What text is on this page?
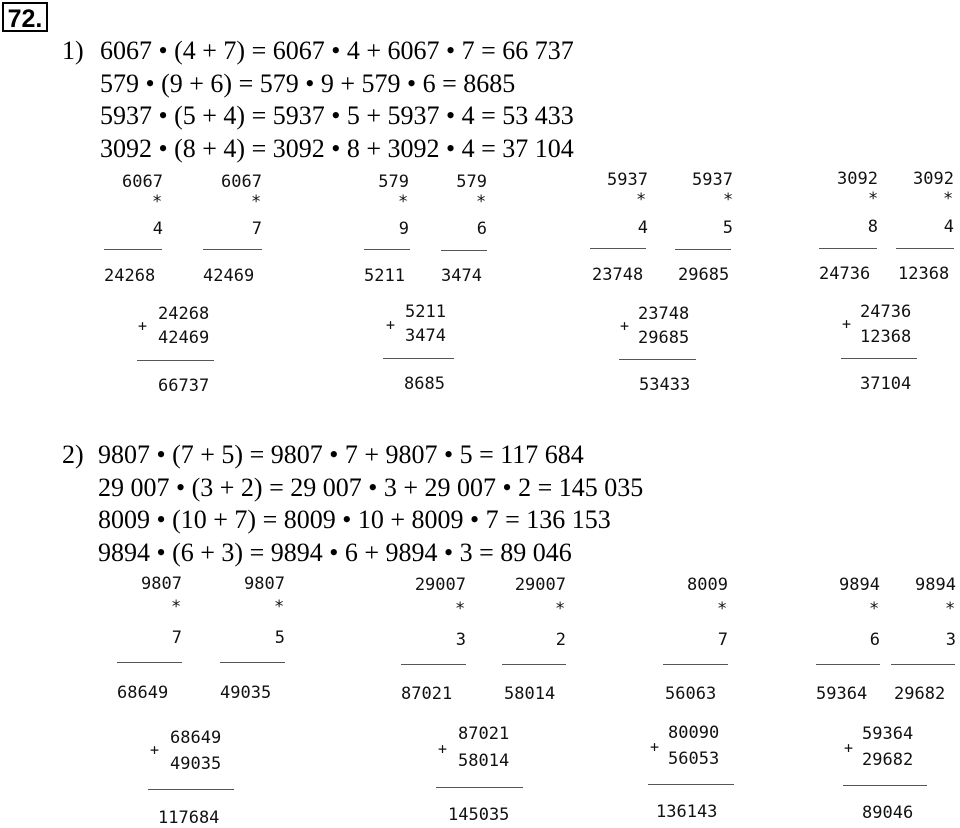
72.
1) 6067 • (4 + 7) = 6067 • 4 + 6067 • 7 = 66 737
579 • (9 + 6) = 579 • 9 + 579 • 6 = 8685
5937 • (5 + 4) = 5937 • 5 + 5937 • 4 = 53 433
3092 • (8 + 4) = 3092 • 8 + 3092 • 4 = 37 104
6067
*
4
24268
6067
*
7
42469
579
*
9
5211
579
*
6
3474
5937
*
4
23748
5937
*
5
29685
3092
*
8
24736
3092
*
4
12368
+
24268
42469
66737
+
5211
3474
8685
+
23748
29685
53433
+
24736
12368
37104
2) 9807 • (7 + 5) = 9807 • 7 + 9807 • 5 = 117 684
29 007 • (3 + 2) = 29 007 • 3 + 29 007 • 2 = 145 035
8009 • (10 + 7) = 8009 • 10 + 8009 • 7 = 136 153
9894 • (6 + 3) = 9894 • 6 + 9894 • 3 = 89 046
9807
*
7
68649
9807
*
5
49035
29007
*
3
87021
29007
*
2
58014
8009
*
7
56063
9894
*
6
59364
9894
*
3
29682
+
68649
49035
117684
+
87021
58014
145035
+
80090
56053
136143
+
59364
29682
89046
